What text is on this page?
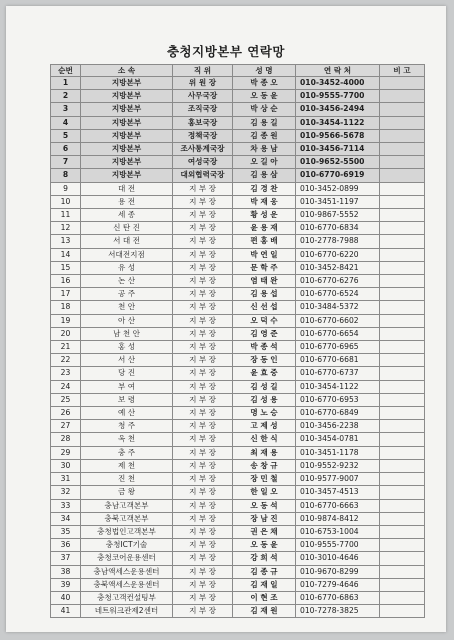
충청지방본부 연락망
순번	소 속	직 위	성 명	연 락 처	비 고
1	지방본부	위 원 장	박 종 오	010-3452-4000	
2	지방본부	사무국장	오 동 윤	010-9555-7700	
3	지방본부	조직국장	박 상 순	010-3456-2494	
4	지방본부	홍보국장	김 용 길	010-3454-1122	
5	지방본부	정책국장	김 종 원	010-9566-5678	
6	지방본부	조사통계국장	차 용 남	010-3456-7114	
7	지방본부	여성국장	오 길 아	010-9652-5500	
8	지방본부	대외협력국장	김 용 삼	010-6770-6919	
9	대 전	지 부 장	김 경 찬	010-3452-0899	
10	용 전	지 부 장	박 재 웅	010-3451-1197	
11	세 종	지 부 장	황 성 운	010-9867-5552	
12	신 탄 진	지 부 장	윤 용 재	010-6770-6834	
13	서 대 전	지 부 장	편 홍 배	010-2778-7988	
14	서대전지점	지 부 장	박 연 일	010-6770-6220	
15	유 성	지 부 장	문 학 주	010-3452-8421	
16	논 산	지 부 장	염 태 완	010-6770-6276	
17	공 주	지 부 장	김 용 섭	010-6770-6524	
18	천 안	지 부 장	신 선 섭	010-3484-5372	
19	아 산	지 부 장	오 덕 수	010-6770-6602	
20	남 천 안	지 부 장	김 영 준	010-6770-6654	
21	홍 성	지 부 장	박 종 석	010-6770-6965	
22	서 산	지 부 장	장 동 인	010-6770-6681	
23	당 진	지 부 장	윤 효 중	010-6770-6737	
24	부 여	지 부 장	김 성 길	010-3454-1122	
25	보 령	지 부 장	김 성 용	010-6770-6953	
26	예 산	지 부 장	명 노 승	010-6770-6849	
27	청 주	지 부 장	고 제 성	010-3456-2238	
28	옥 천	지 부 장	신 한 식	010-3454-0781	
29	충 주	지 부 장	최 재 용	010-3451-1178	
30	제 천	지 부 장	송 창 규	010-9552-9232	
31	진 천	지 부 장	장 민 철	010-9577-9007	
32	금 왕	지 부 장	한 일 오	010-3457-4513	
33	충남고객본부	지 부 장	오 동 석	010-6770-6663	
34	충북고객본부	지 부 장	장 남 진	010-9874-8412	
35	충청법인고객본부	지 부 장	권 은 채	010-6753-1004	
36	충청ICT기술	지 부 장	오 동 윤	010-9555-7700	
37	충청코어운용센터	지 부 장	강 희 석	010-3010-4646	
38	충남액세스운용센터	지 부 장	김 종 규	010-9670-8299	
39	충북액세스운용센터	지 부 장	김 재 일	010-7279-4646	
40	충청고객컨설팅부	지 부 장	이 현 조	010-6770-6863	
41	네트워크관제2센터	지 부 장	김 재 원	010-7278-3825	
